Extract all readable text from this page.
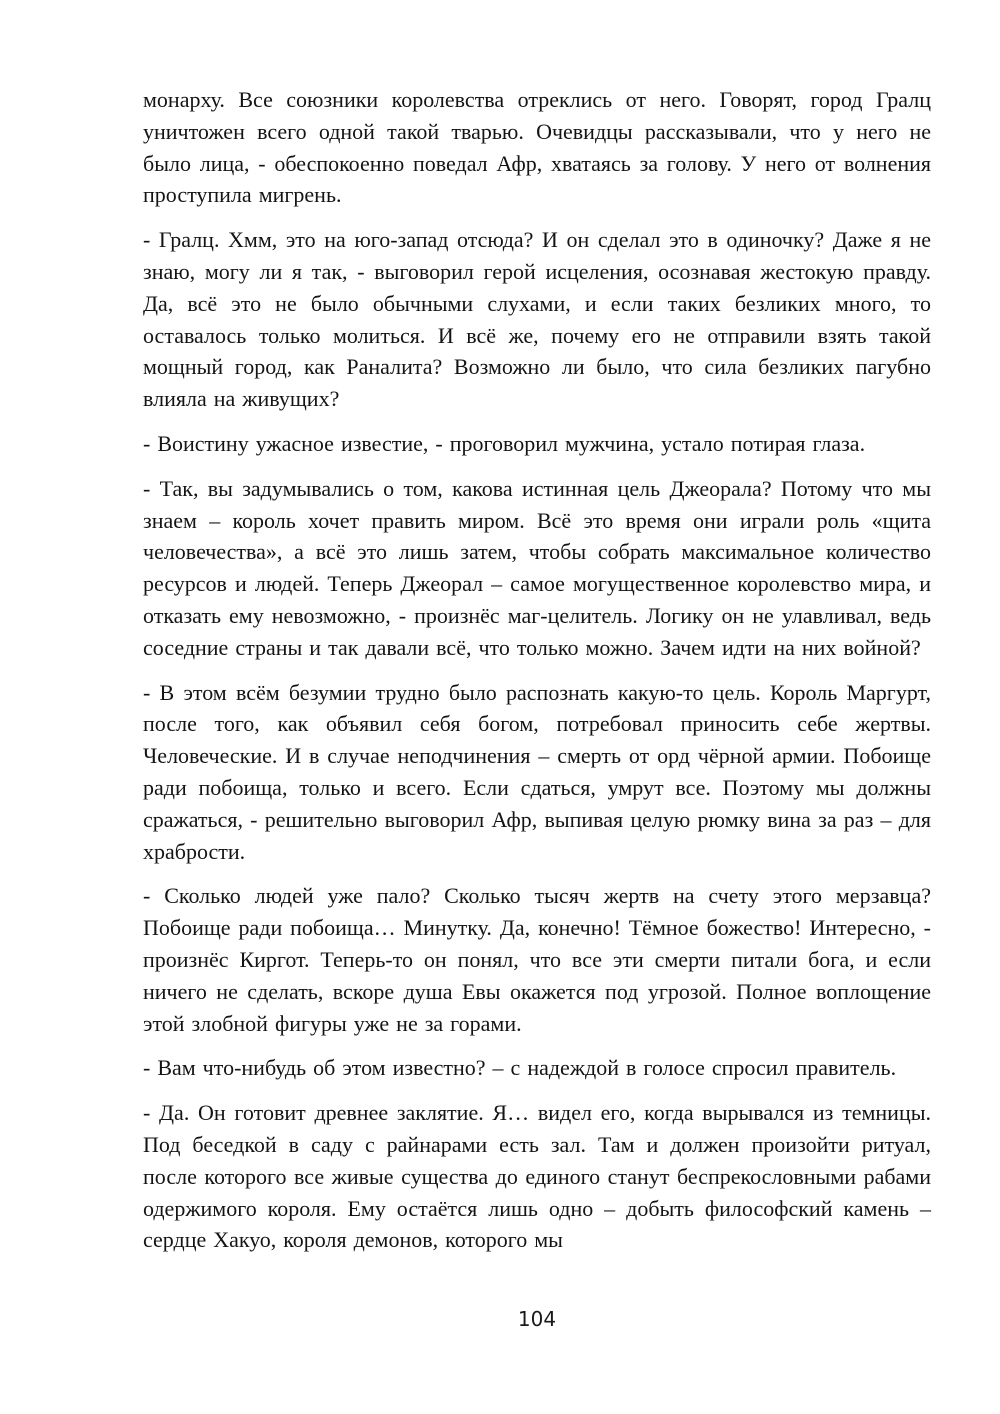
монарху. Все союзники королевства отреклись от него. Говорят, город Гралц уничтожен всего одной такой тварью. Очевидцы рассказывали, что у него не было лица, - обеспокоенно поведал Афр, хватаясь за голову. У него от волнения проступила мигрень.

- Гралц. Хмм, это на юго-запад отсюда? И он сделал это в одиночку? Даже я не знаю, могу ли я так, - выговорил герой исцеления, осознавая жестокую правду. Да, всё это не было обычными слухами, и если таких безликих много, то оставалось только молиться. И всё же, почему его не отправили взять такой мощный город, как Раналита? Возможно ли было, что сила безликих пагубно влияла на живущих?

- Воистину ужасное известие, - проговорил мужчина, устало потирая глаза.

- Так, вы задумывались о том, какова истинная цель Джеорала? Потому что мы знаем – король хочет править миром. Всё это время они играли роль «щита человечества», а всё это лишь затем, чтобы собрать максимальное количество ресурсов и людей. Теперь Джеорал – самое могущественное королевство мира, и отказать ему невозможно, - произнёс маг-целитель. Логику он не улавливал, ведь соседние страны и так давали всё, что только можно. Зачем идти на них войной?

- В этом всём безумии трудно было распознать какую-то цель. Король Маргурт, после того, как объявил себя богом, потребовал приносить себе жертвы. Человеческие. И в случае неподчинения – смерть от орд чёрной армии. Побоище ради побоища, только и всего. Если сдаться, умрут все. Поэтому мы должны сражаться, - решительно выговорил Афр, выпивая целую рюмку вина за раз – для храбрости.

- Сколько людей уже пало? Сколько тысяч жертв на счету этого мерзавца? Побоище ради побоища… Минутку. Да, конечно! Тёмное божество! Интересно, - произнёс Киргот. Теперь-то он понял, что все эти смерти питали бога, и если ничего не сделать, вскоре душа Евы окажется под угрозой. Полное воплощение этой злобной фигуры уже не за горами.

- Вам что-нибудь об этом известно? – с надеждой в голосе спросил правитель.

- Да. Он готовит древнее заклятие. Я… видел его, когда вырывался из темницы. Под беседкой в саду с райнарами есть зал. Там и должен произойти ритуал, после которого все живые существа до единого станут беспрекословными рабами одержимого короля. Ему остаётся лишь одно – добыть философский камень – сердце Хакуо, короля демонов, которого мы

104
